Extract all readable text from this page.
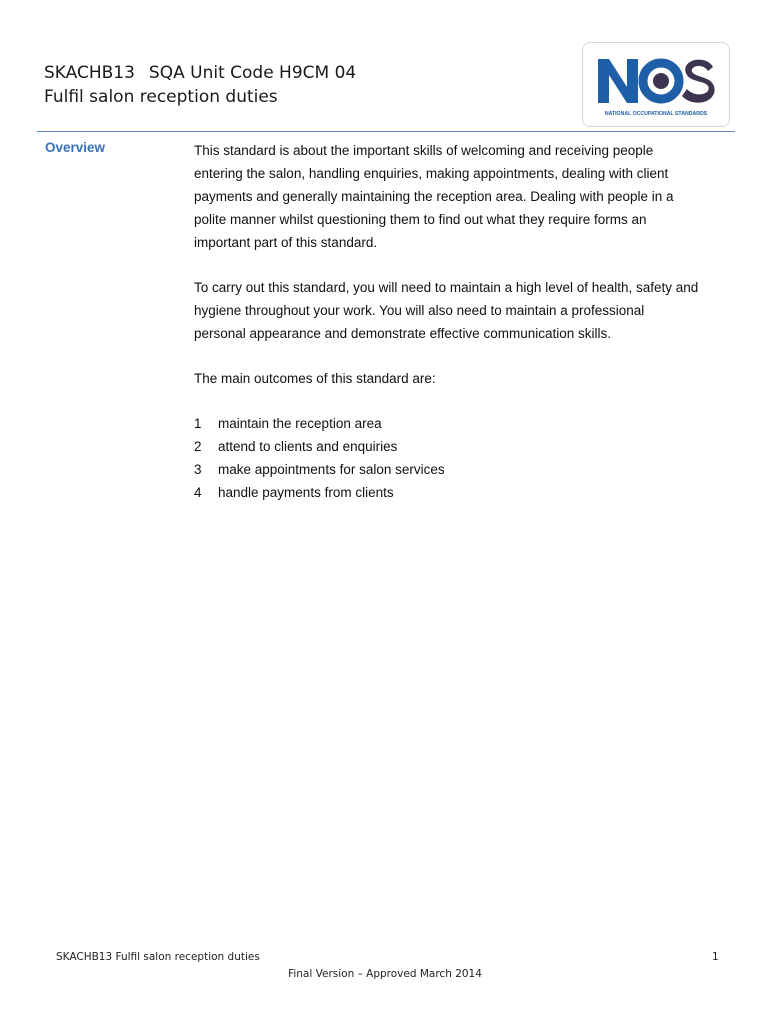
SKACHB13 SQA Unit Code H9CM 04
Fulfil salon reception duties
NATIONAL OCCUPATIONAL STANDARDS
Overview	This standard is about the important skills of welcoming and receiving people
entering the salon, handling enquiries, making appointments, dealing with client
payments and generally maintaining the reception area. Dealing with people in a
polite manner whilst questioning them to find out what they require forms an
important part of this standard.

To carry out this standard, you will need to maintain a high level of health, safety and
hygiene throughout your work. You will also need to maintain a professional
personal appearance and demonstrate effective communication skills.

The main outcomes of this standard are:

1	maintain the reception area
2	attend to clients and enquiries
3	make appointments for salon services
4	handle payments from clients
SKACHB13 Fulfil salon reception duties	1
Final Version – Approved March 2014
